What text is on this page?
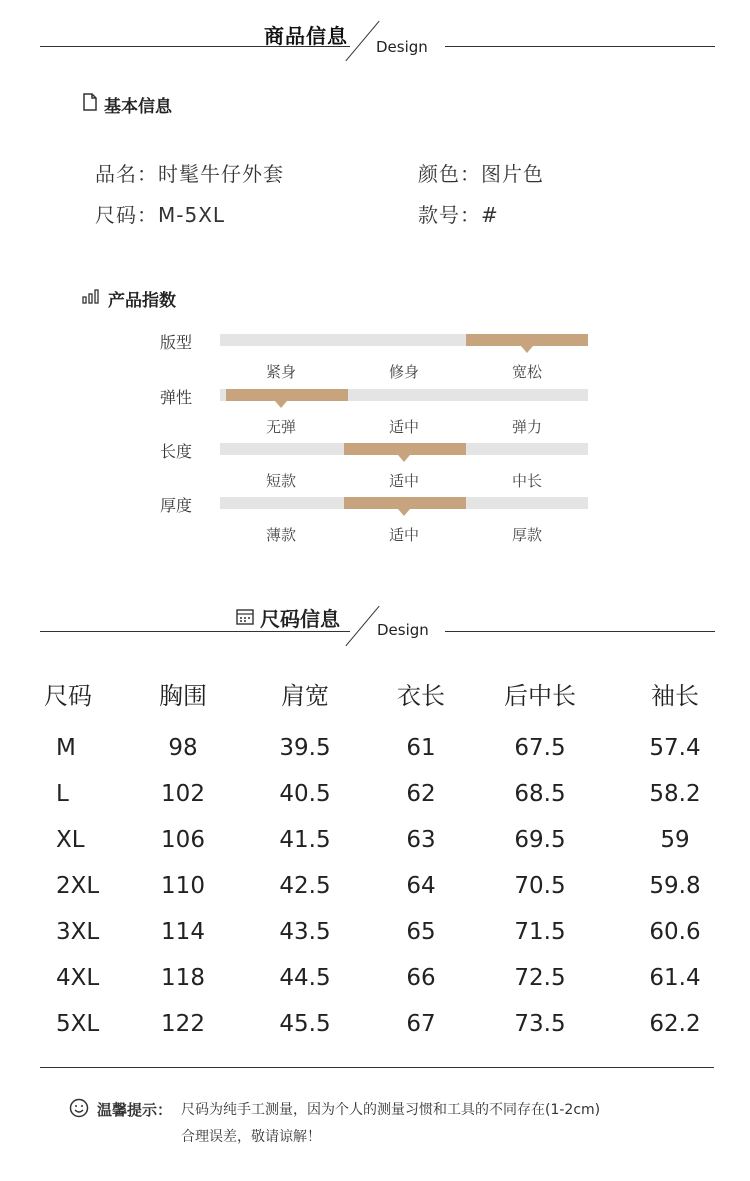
商品信息 Design
基本信息
品名：时髦牛仔外套	颜色：图片色
尺码：M-5XL	款号：#
产品指数
版型
紧身	修身	宽松
弹性
无弹	适中	弹力
长度
短款	适中	中长
厚度
薄款	适中	厚款
尺码信息 Design
尺码	胸围	肩宽	衣长	后中长	袖长
M	98	39.5	61	67.5	57.4
L	102	40.5	62	68.5	58.2
XL	106	41.5	63	69.5	59
2XL	110	42.5	64	70.5	59.8
3XL	114	43.5	65	71.5	60.6
4XL	118	44.5	66	72.5	61.4
5XL	122	45.5	67	73.5	62.2
温馨提示： 尺码为纯手工测量，因为个人的测量习惯和工具的不同存在(1-2cm)
合理误差，敬请谅解！
